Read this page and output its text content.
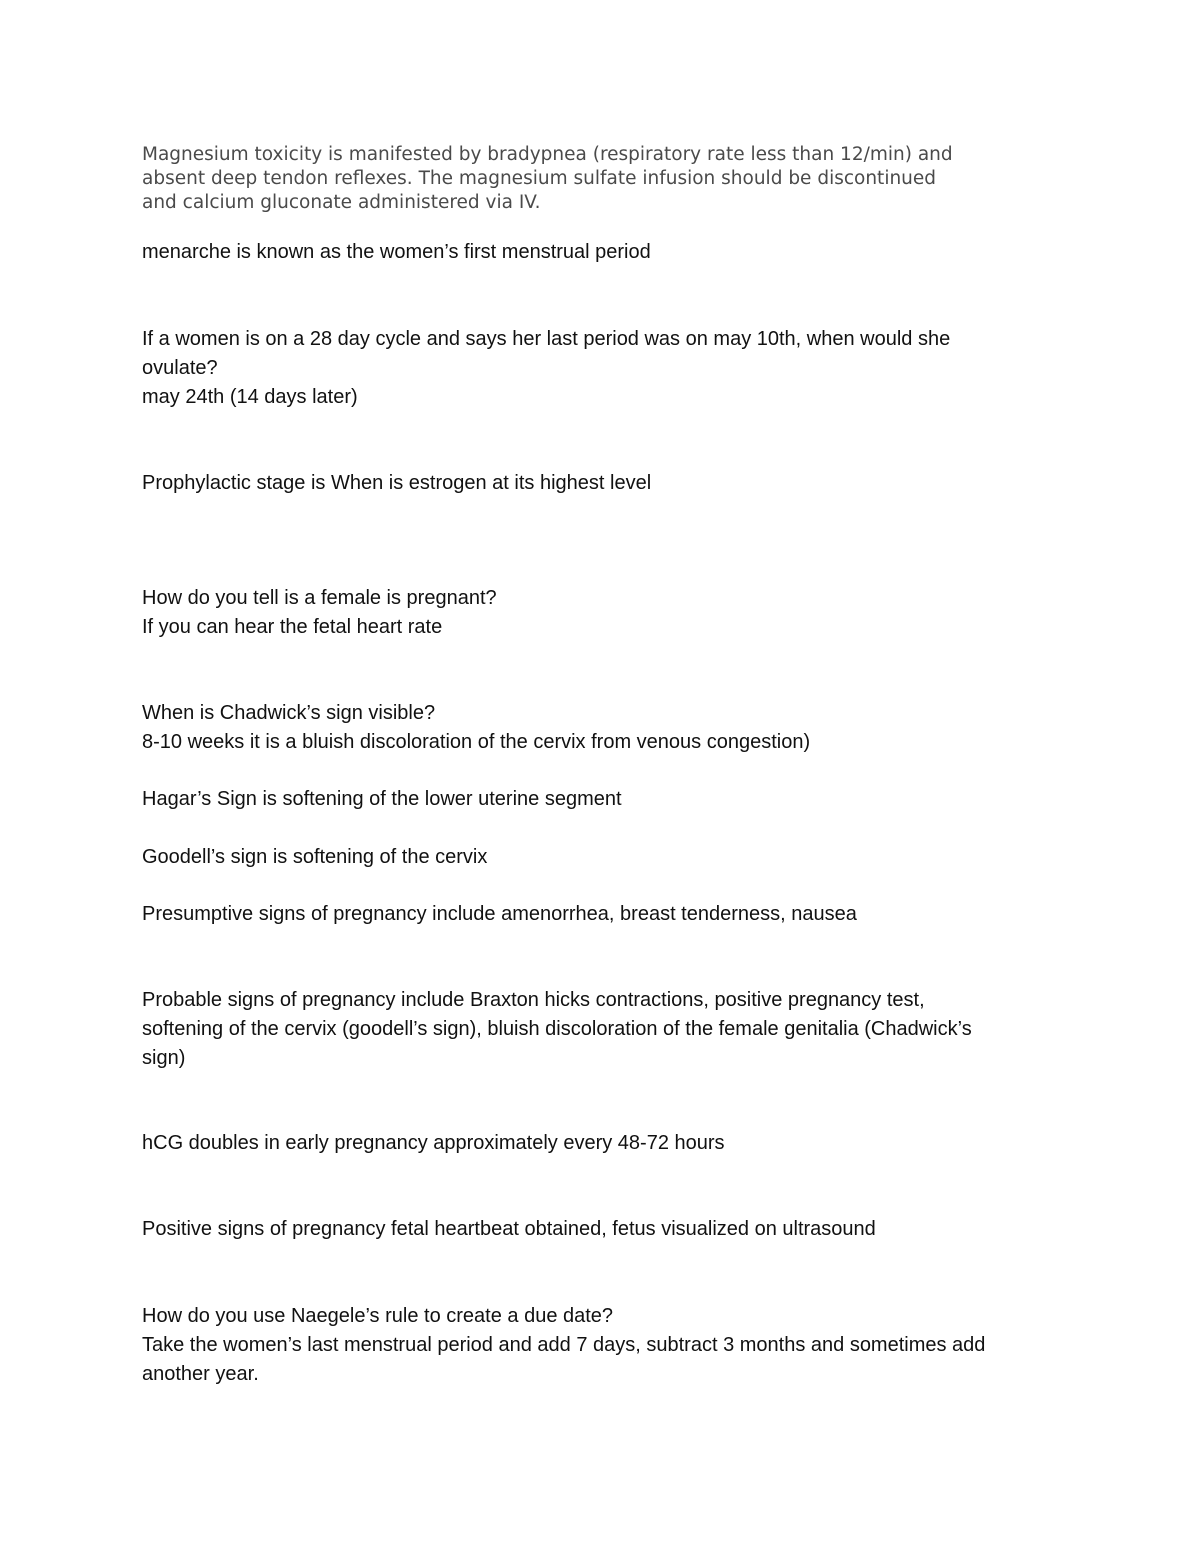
Magnesium toxicity is manifested by bradypnea (respiratory rate less than 12/min) and

absent deep tendon reflexes. The magnesium sulfate infusion should be discontinued

and calcium gluconate administered via IV.

menarche is known as the women’s first menstrual period

If a women is on a 28 day cycle and says her last period was on may 10th, when would she

ovulate?

may 24th (14 days later)

Prophylactic stage is When is estrogen at its highest level

How do you tell is a female is pregnant?

If you can hear the fetal heart rate

When is Chadwick’s sign visible?

8-10 weeks it is a bluish discoloration of the cervix from venous congestion)

Hagar’s Sign is softening of the lower uterine segment

Goodell’s sign is softening of the cervix

Presumptive signs of pregnancy include amenorrhea, breast tenderness, nausea

Probable signs of pregnancy include Braxton hicks contractions, positive pregnancy test,

softening of the cervix (goodell’s sign), bluish discoloration of the female genitalia (Chadwick’s

sign)

hCG doubles in early pregnancy approximately every 48-72 hours

Positive signs of pregnancy fetal heartbeat obtained, fetus visualized on ultrasound

How do you use Naegele’s rule to create a due date?

Take the women’s last menstrual period and add 7 days, subtract 3 months and sometimes add

another year.
